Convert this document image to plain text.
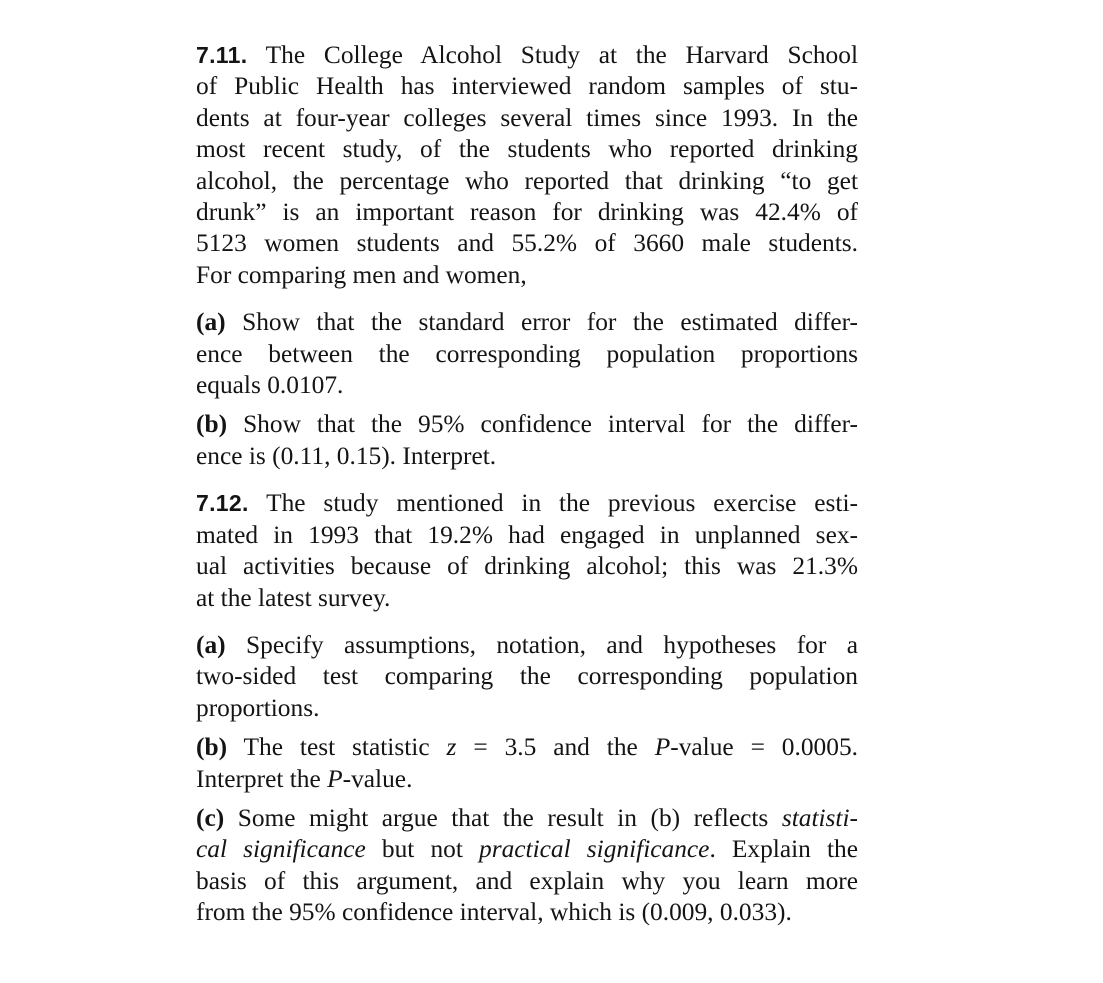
7.11. The College Alcohol Study at the Harvard School
of Public Health has interviewed random samples of stu-
dents at four-year colleges several times since 1993. In the
most recent study, of the students who reported drinking
alcohol, the percentage who reported that drinking “to get
drunk” is an important reason for drinking was 42.4% of
5123 women students and 55.2% of 3660 male students.
For comparing men and women,

(a) Show that the standard error for the estimated differ-
ence between the corresponding population proportions
equals 0.0107.

(b) Show that the 95% confidence interval for the differ-
ence is (0.11, 0.15). Interpret.

7.12. The study mentioned in the previous exercise esti-
mated in 1993 that 19.2% had engaged in unplanned sex-
ual activities because of drinking alcohol; this was 21.3%
at the latest survey.

(a) Specify assumptions, notation, and hypotheses for a
two-sided test comparing the corresponding population
proportions.

(b) The test statistic z = 3.5 and the P-value = 0.0005.
Interpret the P-value.

(c) Some might argue that the result in (b) reflects statisti-
cal significance but not practical significance. Explain the
basis of this argument, and explain why you learn more
from the 95% confidence interval, which is (0.009, 0.033).
